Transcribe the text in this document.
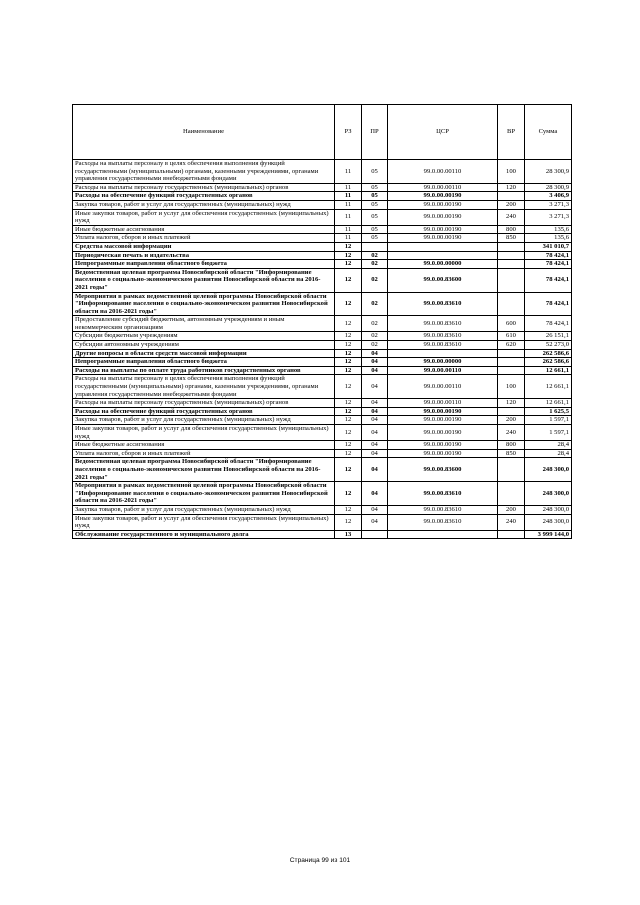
Наименование	РЗ	ПР	ЦСР	ВР	Сумма
Расходы на выплаты персоналу в целях обеспечения выполнения функций государственными (муниципальными) органами, казенными учреждениями, органами управления государственными внебюджетными фондами	11	05	99.0.00.00110	100	28 300,9
Расходы на выплаты персоналу государственных (муниципальных) органов	11	05	99.0.00.00110	120	28 300,9
Расходы на обеспечение функций государственных органов	11	05	99.0.00.00190		3 406,9
Закупка товаров, работ и услуг для государственных (муниципальных) нужд	11	05	99.0.00.00190	200	3 271,3
Иные закупки товаров, работ и услуг для обеспечения государственных (муниципальных) нужд	11	05	99.0.00.00190	240	3 271,3
Иные бюджетные ассигнования	11	05	99.0.00.00190	800	135,6
Уплата налогов, сборов и иных платежей	11	05	99.0.00.00190	850	135,6
Средства массовой информации	12				341 010,7
Периодическая печать и издательства	12	02			78 424,1
Непрограммные направления областного бюджета	12	02	99.0.00.00000		78 424,1
Ведомственная целевая программа Новосибирской области "Информирование населения о социально-экономическом развитии Новосибирской области на 2016-2021 годы"	12	02	99.0.00.83600		78 424,1
Мероприятия в рамках ведомственной целевой программы Новосибирской области "Информирование населения о социально-экономическом развитии Новосибирской области на 2016-2021 годы"	12	02	99.0.00.83610		78 424,1
Предоставление субсидий бюджетным, автономным учреждениям и иным некоммерческим организациям	12	02	99.0.00.83610	600	78 424,1
Субсидии бюджетным учреждениям	12	02	99.0.00.83610	610	26 151,1
Субсидии автономным учреждениям	12	02	99.0.00.83610	620	52 273,0
Другие вопросы в области средств массовой информации	12	04			262 586,6
Непрограммные направления областного бюджета	12	04	99.0.00.00000		262 586,6
Расходы на выплаты по оплате труда работников государственных органов	12	04	99.0.00.00110		12 661,1
Расходы на выплаты персоналу в целях обеспечения выполнения функций государственными (муниципальными) органами, казенными учреждениями, органами управления государственными внебюджетными фондами	12	04	99.0.00.00110	100	12 661,1
Расходы на выплаты персоналу государственных (муниципальных) органов	12	04	99.0.00.00110	120	12 661,1
Расходы на обеспечение функций государственных органов	12	04	99.0.00.00190		1 625,5
Закупка товаров, работ и услуг для государственных (муниципальных) нужд	12	04	99.0.00.00190	200	1 597,1
Иные закупки товаров, работ и услуг для обеспечения государственных (муниципальных) нужд	12	04	99.0.00.00190	240	1 597,1
Иные бюджетные ассигнования	12	04	99.0.00.00190	800	28,4
Уплата налогов, сборов и иных платежей	12	04	99.0.00.00190	850	28,4
Ведомственная целевая программа Новосибирской области "Информирование населения о социально-экономическом развитии Новосибирской области на 2016-2021 годы"	12	04	99.0.00.83600		248 300,0
Мероприятия в рамках ведомственной целевой программы Новосибирской области "Информирование населения о социально-экономическом развитии Новосибирской области на 2016-2021 годы"	12	04	99.0.00.83610		248 300,0
Закупка товаров, работ и услуг для государственных (муниципальных) нужд	12	04	99.0.00.83610	200	248 300,0
Иные закупки товаров, работ и услуг для обеспечения государственных (муниципальных) нужд	12	04	99.0.00.83610	240	248 300,0
Обслуживание государственного и муниципального долга	13				3 999 144,0
Страница 99 из 101
